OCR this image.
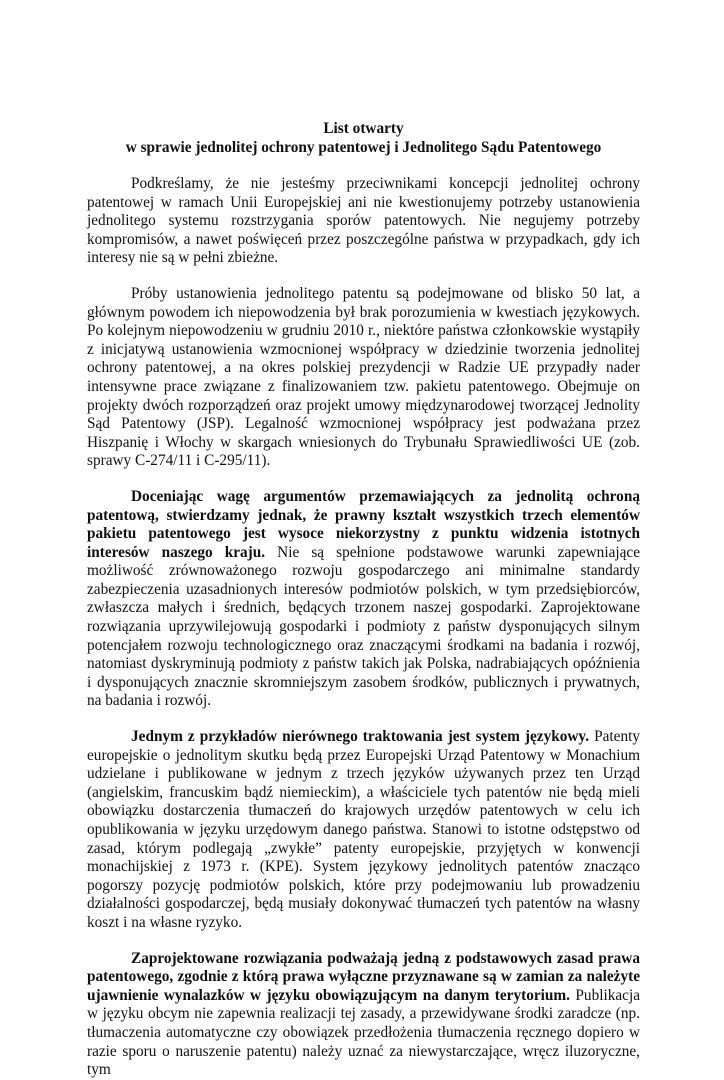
List otwarty
w sprawie jednolitej ochrony patentowej i Jednolitego Sądu Patentowego

Podkreślamy, że nie jesteśmy przeciwnikami koncepcji jednolitej ochrony patentowej w ramach Unii Europejskiej ani nie kwestionujemy potrzeby ustanowienia jednolitego systemu rozstrzygania sporów patentowych. Nie negujemy potrzeby kompromisów, a nawet poświęceń przez poszczególne państwa w przypadkach, gdy ich interesy nie są w pełni zbieżne.

Próby ustanowienia jednolitego patentu są podejmowane od blisko 50 lat, a głównym powodem ich niepowodzenia był brak porozumienia w kwestiach językowych. Po kolejnym niepowodzeniu w grudniu 2010 r., niektóre państwa członkowskie wystąpiły z inicjatywą ustanowienia wzmocnionej współpracy w dziedzinie tworzenia jednolitej ochrony patentowej, a na okres polskiej prezydencji w Radzie UE przypadły nader intensywne prace związane z finalizowaniem tzw. pakietu patentowego. Obejmuje on projekty dwóch rozporządzeń oraz projekt umowy międzynarodowej tworzącej Jednolity Sąd Patentowy (JSP). Legalność wzmocnionej współpracy jest podważana przez Hiszpanię i Włochy w skargach wniesionych do Trybunału Sprawiedliwości UE (zob. sprawy C-274/11 i C-295/11).

Doceniając wagę argumentów przemawiających za jednolitą ochroną patentową, stwierdzamy jednak, że prawny kształt wszystkich trzech elementów pakietu patentowego jest wysoce niekorzystny z punktu widzenia istotnych interesów naszego kraju. Nie są spełnione podstawowe warunki zapewniające możliwość zrównoważonego rozwoju gospodarczego ani minimalne standardy zabezpieczenia uzasadnionych interesów podmiotów polskich, w tym przedsiębiorców, zwłaszcza małych i średnich, będących trzonem naszej gospodarki. Zaprojektowane rozwiązania uprzywilejowują gospodarki i podmioty z państw dysponujących silnym potencjałem rozwoju technologicznego oraz znaczącymi środkami na badania i rozwój, natomiast dyskryminują podmioty z państw takich jak Polska, nadrabiających opóźnienia i dysponujących znacznie skromniejszym zasobem środków, publicznych i prywatnych, na badania i rozwój.

Jednym z przykładów nierównego traktowania jest system językowy. Patenty europejskie o jednolitym skutku będą przez Europejski Urząd Patentowy w Monachium udzielane i publikowane w jednym z trzech języków używanych przez ten Urząd (angielskim, francuskim bądź niemieckim), a właściciele tych patentów nie będą mieli obowiązku dostarczenia tłumaczeń do krajowych urzędów patentowych w celu ich opublikowania w języku urzędowym danego państwa. Stanowi to istotne odstępstwo od zasad, którym podlegają „zwykłe” patenty europejskie, przyjętych w konwencji monachijskiej z 1973 r. (KPE). System językowy jednolitych patentów znacząco pogorszy pozycję podmiotów polskich, które przy podejmowaniu lub prowadzeniu działalności gospodarczej, będą musiały dokonywać tłumaczeń tych patentów na własny koszt i na własne ryzyko.

Zaprojektowane rozwiązania podważają jedną z podstawowych zasad prawa patentowego, zgodnie z którą prawa wyłączne przyznawane są w zamian za należyte ujawnienie wynalazków w języku obowiązującym na danym terytorium. Publikacja w języku obcym nie zapewnia realizacji tej zasady, a przewidywane środki zaradcze (np. tłumaczenia automatyczne czy obowiązek przedłożenia tłumaczenia ręcznego dopiero w razie sporu o naruszenie patentu) należy uznać za niewystarczające, wręcz iluzoryczne, tym
